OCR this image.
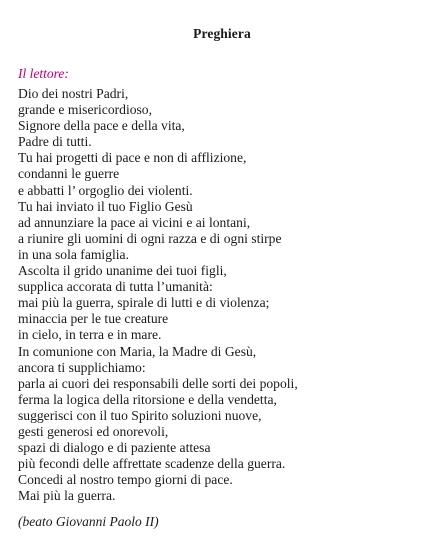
Preghiera
Il lettore:
Dio dei nostri Padri,
grande e misericordioso,
Signore della pace e della vita,
Padre di tutti.
Tu hai progetti di pace e non di afflizione,
condanni le guerre
e abbatti l’ orgoglio dei violenti.
Tu hai inviato il tuo Figlio Gesù
ad annunziare la pace ai vicini e ai lontani,
a riunire gli uomini di ogni razza e di ogni stirpe
in una sola famiglia.
Ascolta il grido unanime dei tuoi figli,
supplica accorata di tutta l’umanità:
mai più la guerra, spirale di lutti e di violenza;
minaccia per le tue creature
in cielo, in terra e in mare.
In comunione con Maria, la Madre di Gesù,
ancora ti supplichiamo:
parla ai cuori dei responsabili delle sorti dei popoli,
ferma la logica della ritorsione e della vendetta,
suggerisci con il tuo Spirito soluzioni nuove,
gesti generosi ed onorevoli,
spazi di dialogo e di paziente attesa
più fecondi delle affrettate scadenze della guerra.
Concedi al nostro tempo giorni di pace.
Mai più la guerra.
(beato Giovanni Paolo II)
